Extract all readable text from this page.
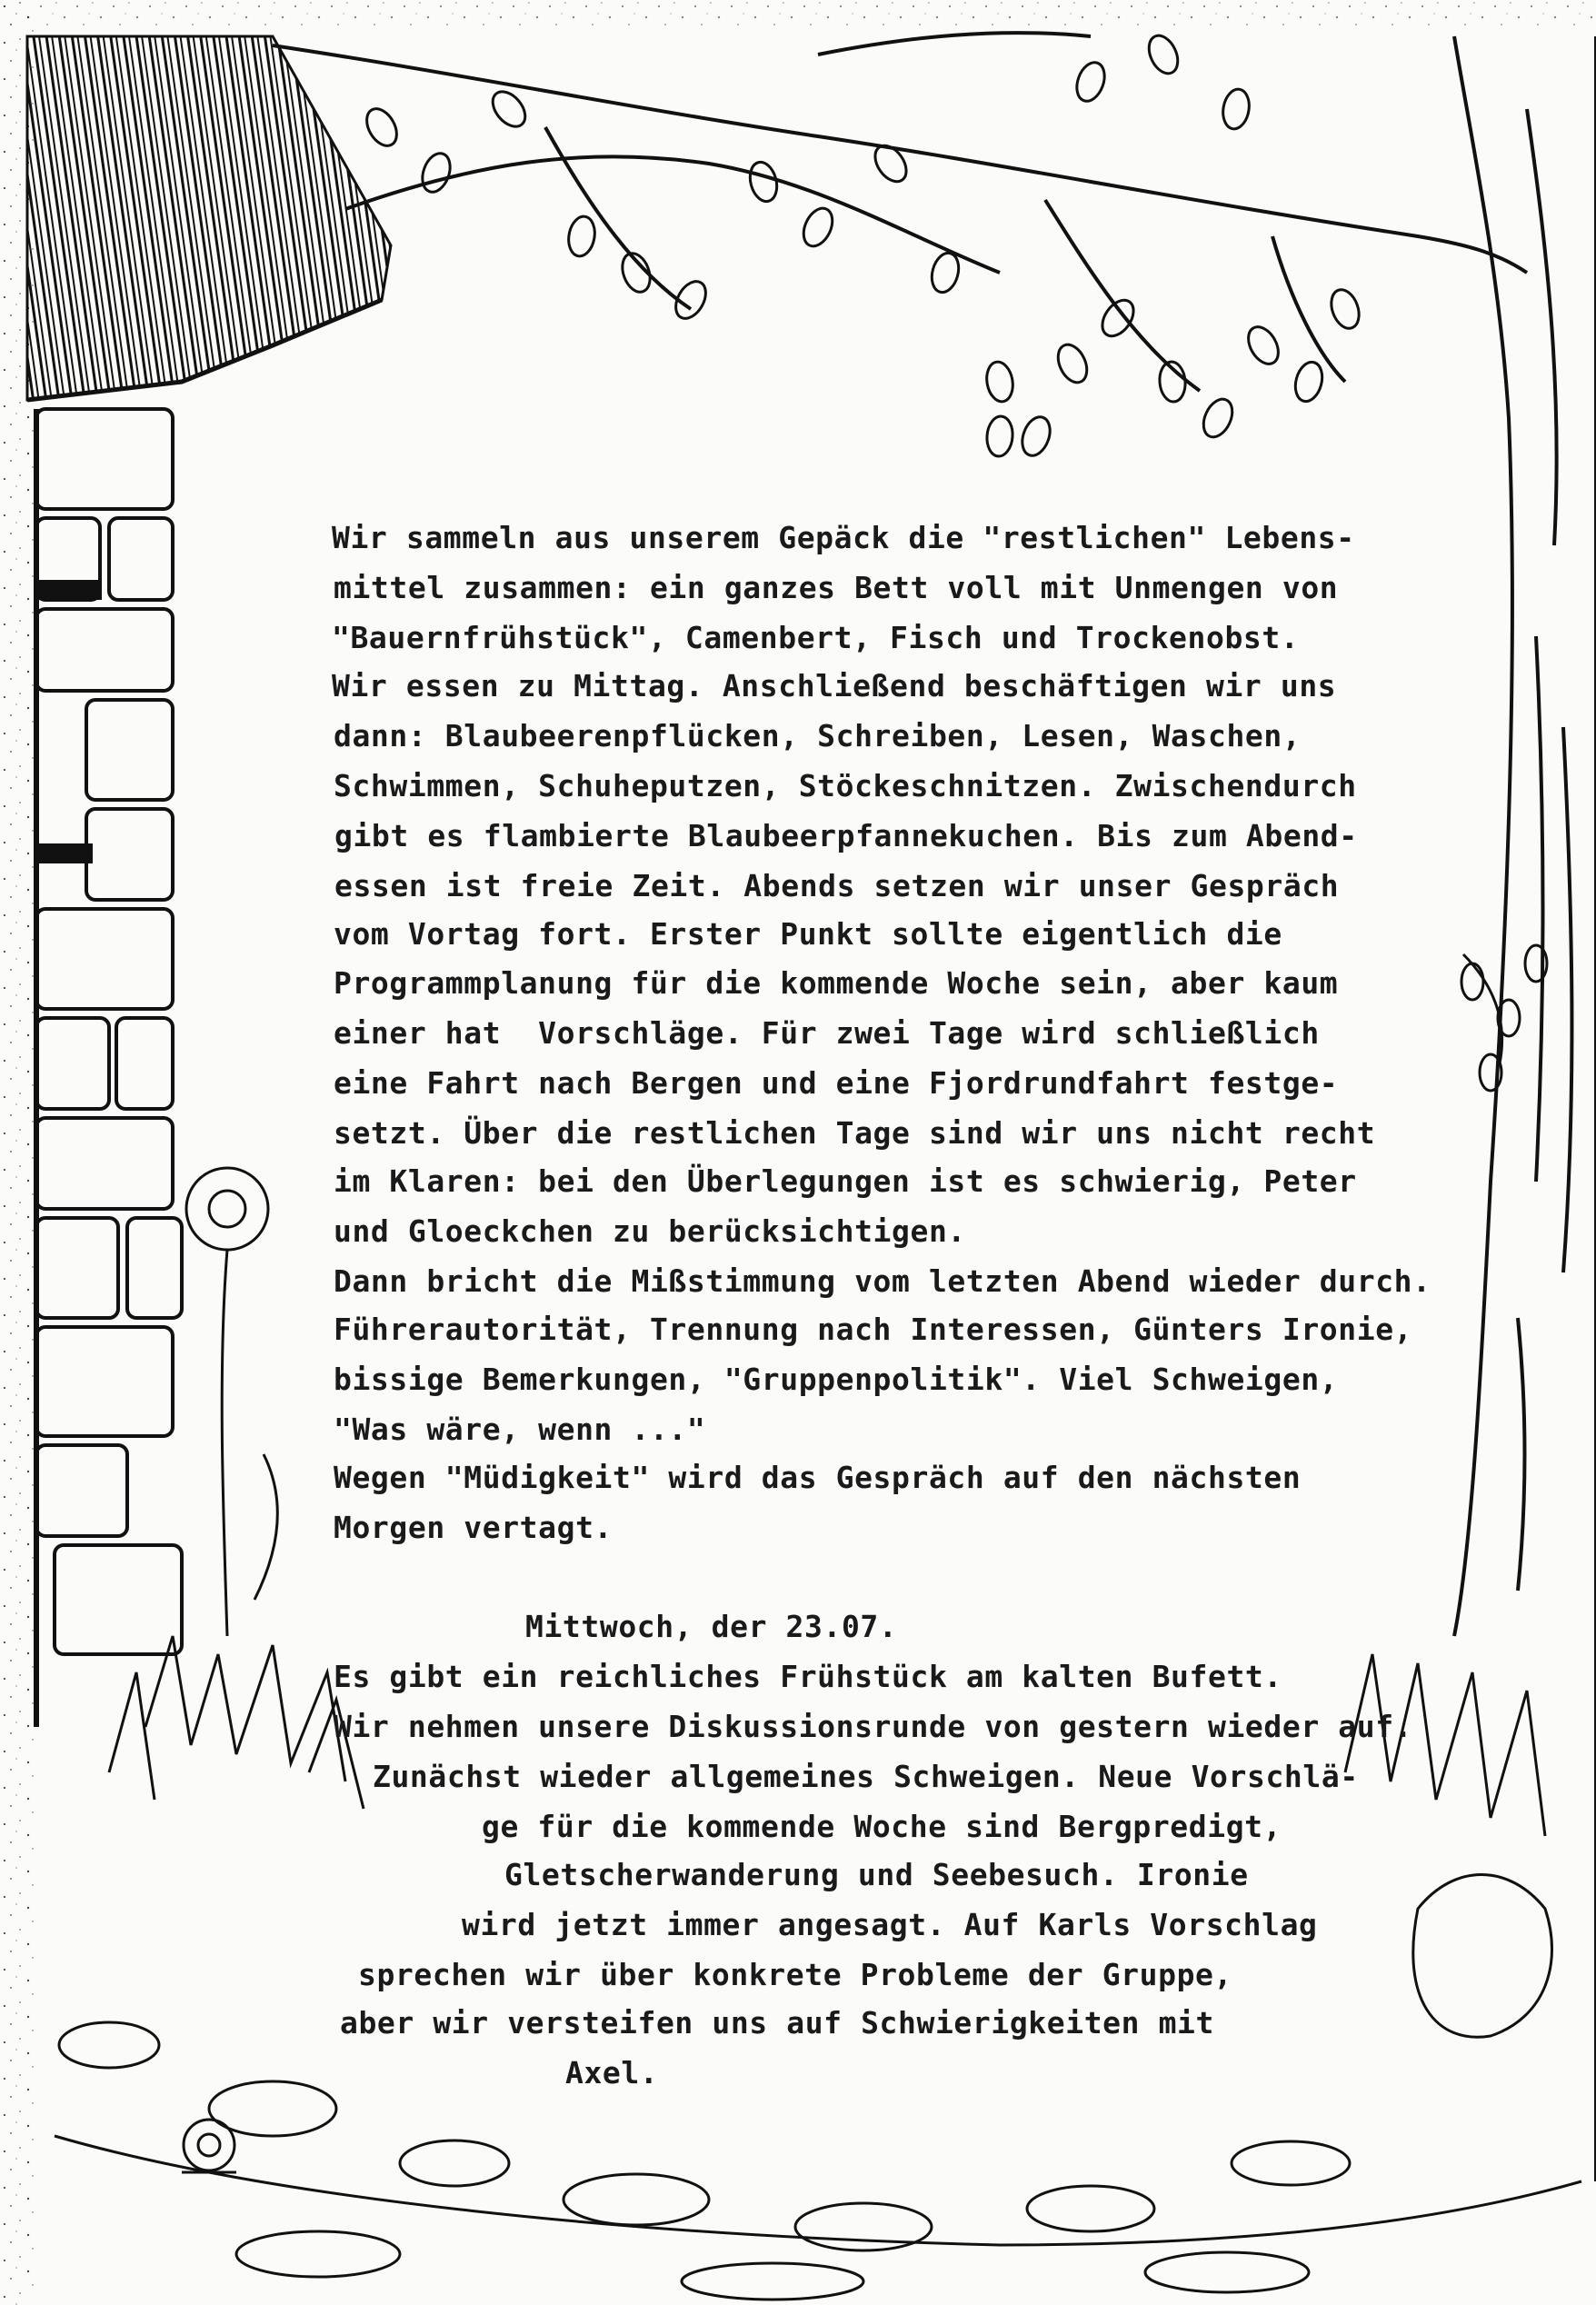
Wir sammeln aus unserem Gepäck die "restlichen" Lebens-
mittel zusammen: ein ganzes Bett voll mit Unmengen von
"Bauernfrühstück", Camenbert, Fisch und Trockenobst.
Wir essen zu Mittag. Anschließend beschäftigen wir uns
dann: Blaubeerenpflücken, Schreiben, Lesen, Waschen,
Schwimmen, Schuheputzen, Stöckeschnitzen. Zwischendurch
gibt es flambierte Blaubeerpfannekuchen. Bis zum Abend-
essen ist freie Zeit. Abends setzen wir unser Gespräch
vom Vortag fort. Erster Punkt sollte eigentlich die
Programmplanung für die kommende Woche sein, aber kaum
einer hat  Vorschläge. Für zwei Tage wird schließlich
eine Fahrt nach Bergen und eine Fjordrundfahrt festge-
setzt. Über die restlichen Tage sind wir uns nicht recht
im Klaren: bei den Überlegungen ist es schwierig, Peter
und Gloeckchen zu berücksichtigen.
Dann bricht die Mißstimmung vom letzten Abend wieder durch.
Führerautorität, Trennung nach Interessen, Günters Ironie,
bissige Bemerkungen, "Gruppenpolitik". Viel Schweigen,
"Was wäre, wenn ..."
Wegen "Müdigkeit" wird das Gespräch auf den nächsten
Morgen vertagt.
Mittwoch, der 23.07.
Es gibt ein reichliches Frühstück am kalten Bufett.
Wir nehmen unsere Diskussionsrunde von gestern wieder auf.
Zunächst wieder allgemeines Schweigen. Neue Vorschlä-
ge für die kommende Woche sind Bergpredigt,
Gletscherwanderung und Seebesuch. Ironie
wird jetzt immer angesagt. Auf Karls Vorschlag
sprechen wir über konkrete Probleme der Gruppe,
aber wir versteifen uns auf Schwierigkeiten mit
Axel.
